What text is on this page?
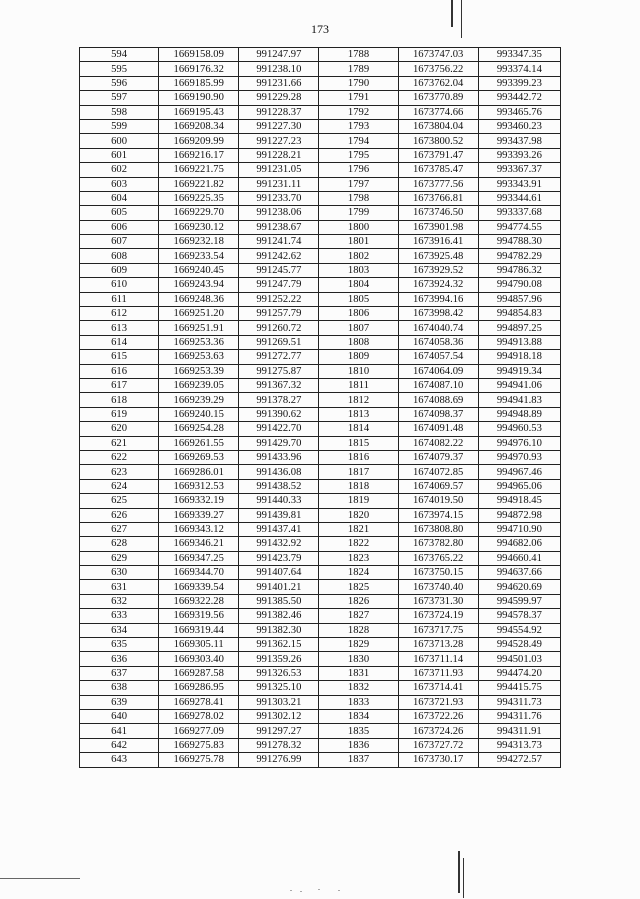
173
594	1669158.09	991247.97	1788	1673747.03	993347.35
595	1669176.32	991238.10	1789	1673756.22	993374.14
596	1669185.99	991231.66	1790	1673762.04	993399.23
597	1669190.90	991229.28	1791	1673770.89	993442.72
598	1669195.43	991228.37	1792	1673774.66	993465.76
599	1669208.34	991227.30	1793	1673804.04	993460.23
600	1669209.99	991227.23	1794	1673800.52	993437.98
601	1669216.17	991228.21	1795	1673791.47	993393.26
602	1669221.75	991231.05	1796	1673785.47	993367.37
603	1669221.82	991231.11	1797	1673777.56	993343.91
604	1669225.35	991233.70	1798	1673766.81	993344.61
605	1669229.70	991238.06	1799	1673746.50	993337.68
606	1669230.12	991238.67	1800	1673901.98	994774.55
607	1669232.18	991241.74	1801	1673916.41	994788.30
608	1669233.54	991242.62	1802	1673925.48	994782.29
609	1669240.45	991245.77	1803	1673929.52	994786.32
610	1669243.94	991247.79	1804	1673924.32	994790.08
611	1669248.36	991252.22	1805	1673994.16	994857.96
612	1669251.20	991257.79	1806	1673998.42	994854.83
613	1669251.91	991260.72	1807	1674040.74	994897.25
614	1669253.36	991269.51	1808	1674058.36	994913.88
615	1669253.63	991272.77	1809	1674057.54	994918.18
616	1669253.39	991275.87	1810	1674064.09	994919.34
617	1669239.05	991367.32	1811	1674087.10	994941.06
618	1669239.29	991378.27	1812	1674088.69	994941.83
619	1669240.15	991390.62	1813	1674098.37	994948.89
620	1669254.28	991422.70	1814	1674091.48	994960.53
621	1669261.55	991429.70	1815	1674082.22	994976.10
622	1669269.53	991433.96	1816	1674079.37	994970.93
623	1669286.01	991436.08	1817	1674072.85	994967.46
624	1669312.53	991438.52	1818	1674069.57	994965.06
625	1669332.19	991440.33	1819	1674019.50	994918.45
626	1669339.27	991439.81	1820	1673974.15	994872.98
627	1669343.12	991437.41	1821	1673808.80	994710.90
628	1669346.21	991432.92	1822	1673782.80	994682.06
629	1669347.25	991423.79	1823	1673765.22	994660.41
630	1669344.70	991407.64	1824	1673750.15	994637.66
631	1669339.54	991401.21	1825	1673740.40	994620.69
632	1669322.28	991385.50	1826	1673731.30	994599.97
633	1669319.56	991382.46	1827	1673724.19	994578.37
634	1669319.44	991382.30	1828	1673717.75	994554.92
635	1669305.11	991362.15	1829	1673713.28	994528.49
636	1669303.40	991359.26	1830	1673711.14	994501.03
637	1669287.58	991326.53	1831	1673711.93	994474.20
638	1669286.95	991325.10	1832	1673714.41	994415.75
639	1669278.41	991303.21	1833	1673721.93	994311.73
640	1669278.02	991302.12	1834	1673722.26	994311.76
641	1669277.09	991297.27	1835	1673724.26	994311.91
642	1669275.83	991278.32	1836	1673727.72	994313.73
643	1669275.78	991276.99	1837	1673730.17	994272.57
